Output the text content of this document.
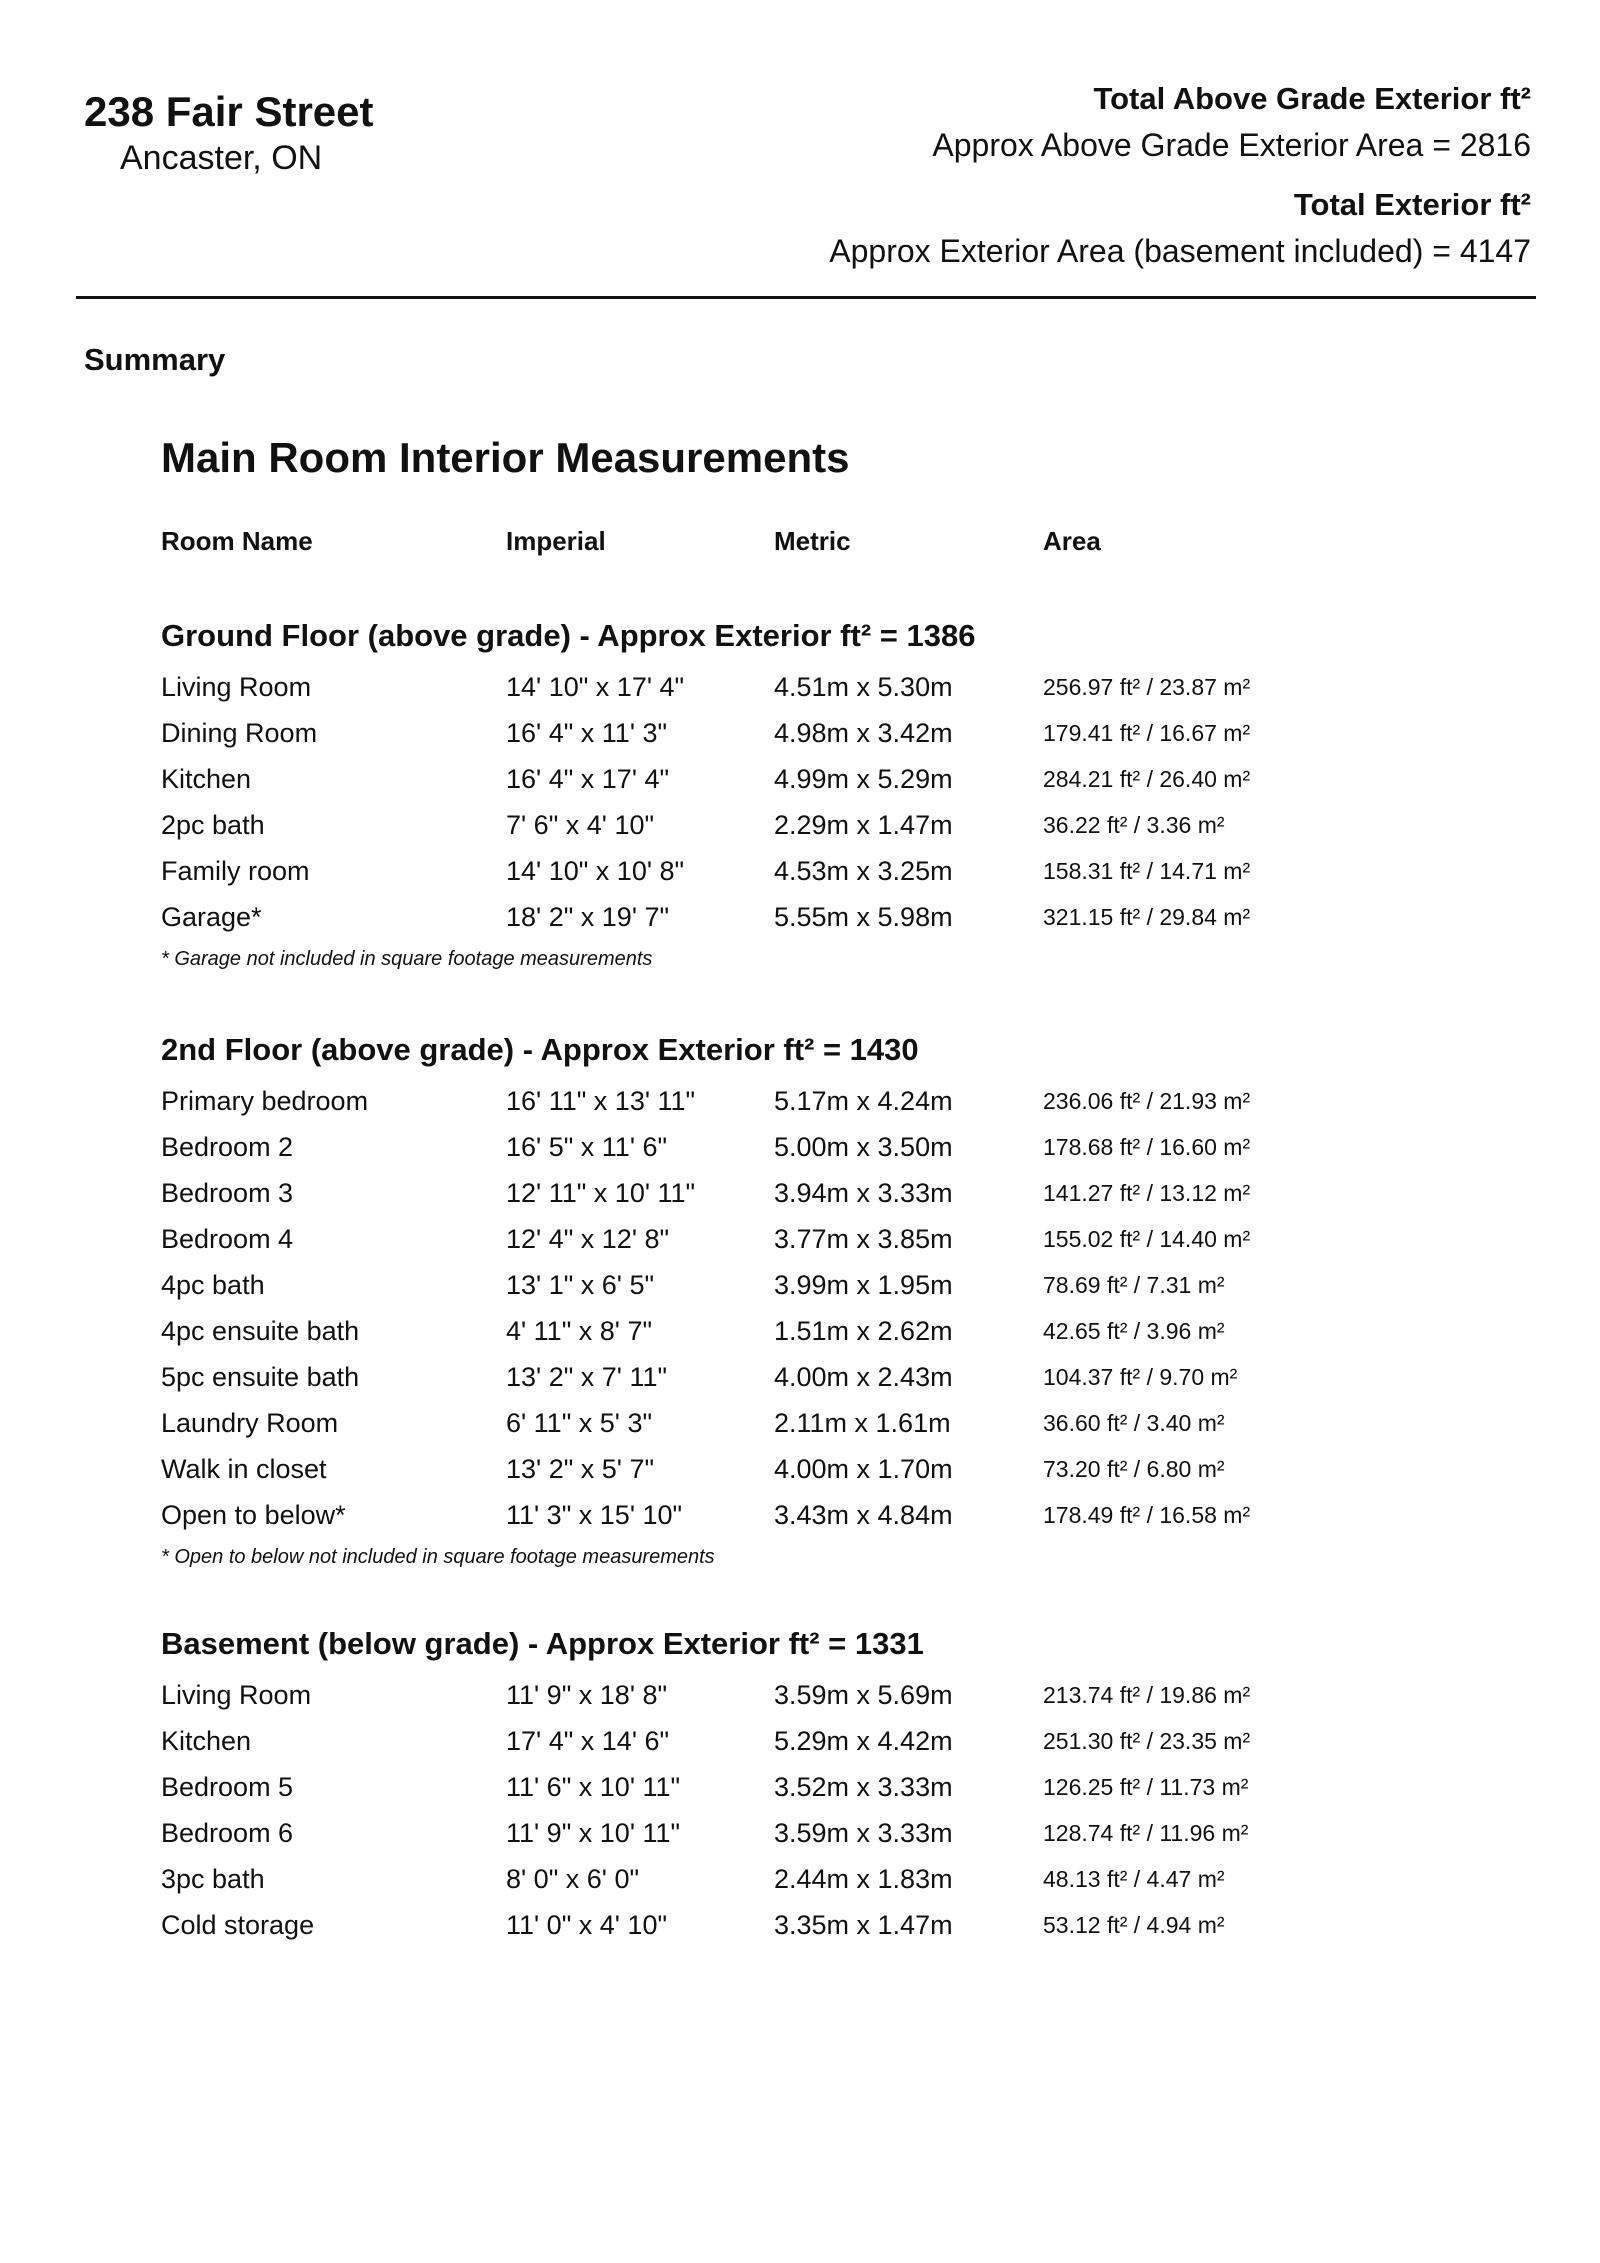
238 Fair Street
Ancaster, ON
Total Above Grade Exterior ft²
Approx Above Grade Exterior Area = 2816
Total Exterior ft²
Approx Exterior Area (basement included) = 4147
Summary
Main Room Interior Measurements
Room Name	Imperial	Metric	Area
Ground Floor (above grade) - Approx Exterior ft² = 1386
Living Room	14' 10" x 17' 4"	4.51m x 5.30m	256.97 ft² / 23.87 m²
Dining Room	16' 4" x 11' 3"	4.98m x 3.42m	179.41 ft² / 16.67 m²
Kitchen	16' 4" x 17' 4"	4.99m x 5.29m	284.21 ft² / 26.40 m²
2pc bath	7' 6" x 4' 10"	2.29m x 1.47m	36.22 ft² / 3.36 m²
Family room	14' 10" x 10' 8"	4.53m x 3.25m	158.31 ft² / 14.71 m²
Garage*	18' 2" x 19' 7"	5.55m x 5.98m	321.15 ft² / 29.84 m²
* Garage not included in square footage measurements
2nd Floor (above grade) - Approx Exterior ft² = 1430
Primary bedroom	16' 11" x 13' 11"	5.17m x 4.24m	236.06 ft² / 21.93 m²
Bedroom 2	16' 5" x 11' 6"	5.00m x 3.50m	178.68 ft² / 16.60 m²
Bedroom 3	12' 11" x 10' 11"	3.94m x 3.33m	141.27 ft² / 13.12 m²
Bedroom 4	12' 4" x 12' 8"	3.77m x 3.85m	155.02 ft² / 14.40 m²
4pc bath	13' 1" x 6' 5"	3.99m x 1.95m	78.69 ft² / 7.31 m²
4pc ensuite bath	4' 11" x 8' 7"	1.51m x 2.62m	42.65 ft² / 3.96 m²
5pc ensuite bath	13' 2" x 7' 11"	4.00m x 2.43m	104.37 ft² / 9.70 m²
Laundry Room	6' 11" x 5' 3"	2.11m x 1.61m	36.60 ft² / 3.40 m²
Walk in closet	13' 2" x 5' 7"	4.00m x 1.70m	73.20 ft² / 6.80 m²
Open to below*	11' 3" x 15' 10"	3.43m x 4.84m	178.49 ft² / 16.58 m²
* Open to below not included in square footage measurements
Basement (below grade) - Approx Exterior ft² = 1331
Living Room	11' 9" x 18' 8"	3.59m x 5.69m	213.74 ft² / 19.86 m²
Kitchen	17' 4" x 14' 6"	5.29m x 4.42m	251.30 ft² / 23.35 m²
Bedroom 5	11' 6" x 10' 11"	3.52m x 3.33m	126.25 ft² / 11.73 m²
Bedroom 6	11' 9" x 10' 11"	3.59m x 3.33m	128.74 ft² / 11.96 m²
3pc bath	8' 0" x 6' 0"	2.44m x 1.83m	48.13 ft² / 4.47 m²
Cold storage	11' 0" x 4' 10"	3.35m x 1.47m	53.12 ft² / 4.94 m²
